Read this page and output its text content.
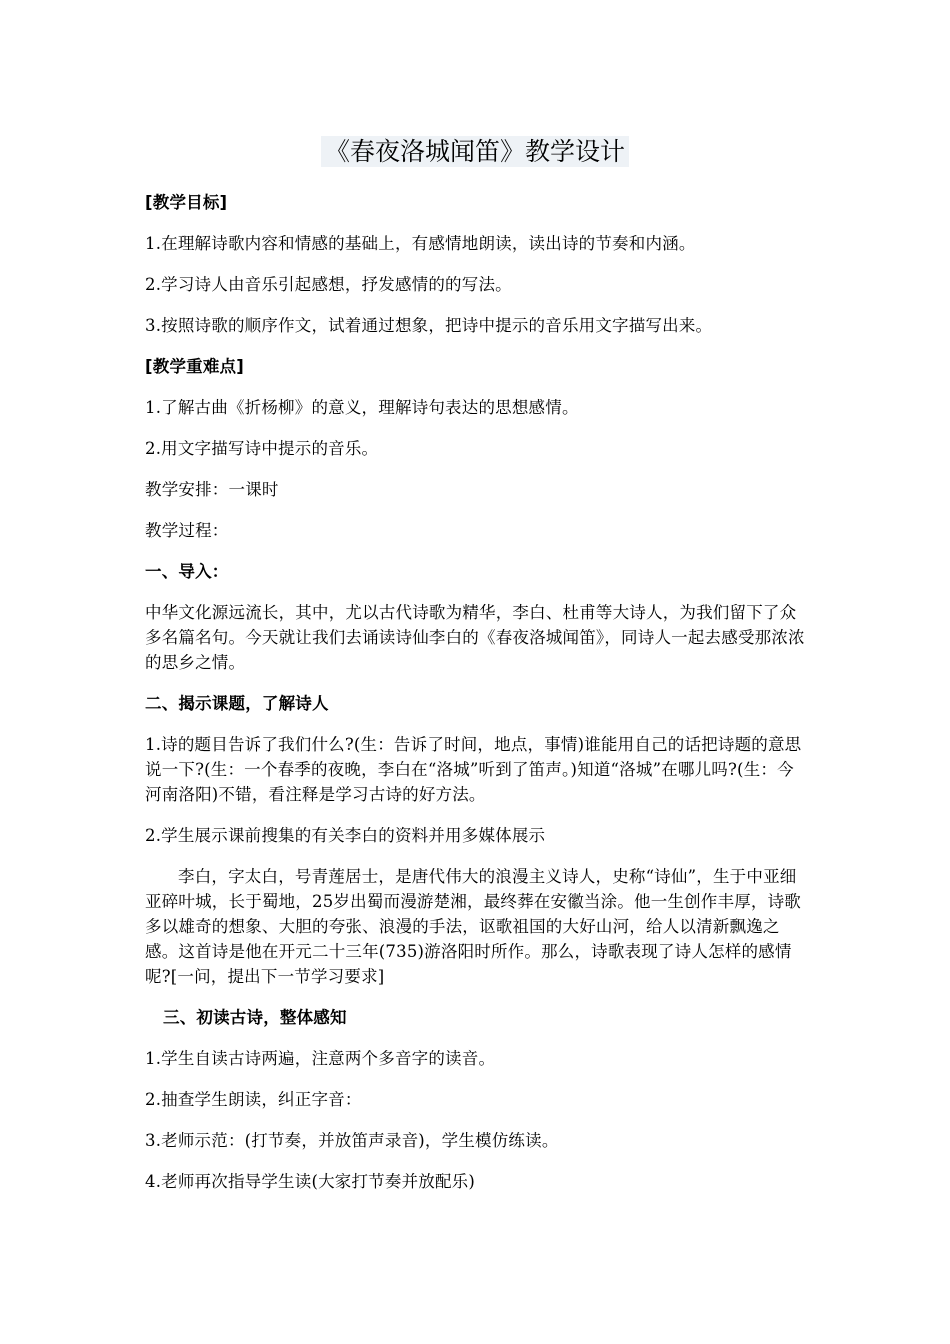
《春夜洛城闻笛》教学设计

[教学目标]

1.在理解诗歌内容和情感的基础上，有感情地朗读，读出诗的节奏和内涵。

2.学习诗人由音乐引起感想，抒发感情的的写法。

3.按照诗歌的顺序作文，试着通过想象，把诗中提示的音乐用文字描写出来。

[教学重难点]

1.了解古曲《折杨柳》的意义，理解诗句表达的思想感情。

2.用文字描写诗中提示的音乐。

教学安排：一课时

教学过程：

一、导入：

中华文化源远流长，其中，尤以古代诗歌为精华，李白、杜甫等大诗人，为我们留下了众多名篇名句。今天就让我们去诵读诗仙李白的《春夜洛城闻笛》，同诗人一起去感受那浓浓的思乡之情。

二、揭示课题，了解诗人

1.诗的题目告诉了我们什么?(生：告诉了时间，地点，事情)谁能用自己的话把诗题的意思说一下?(生：一个春季的夜晚，李白在“洛城”听到了笛声。)知道“洛城”在哪儿吗?(生：今河南洛阳)不错，看注释是学习古诗的好方法。

2.学生展示课前搜集的有关李白的资料并用多媒体展示

李白，字太白，号青莲居士，是唐代伟大的浪漫主义诗人，史称“诗仙”，生于中亚细亚碎叶城，长于蜀地，25岁出蜀而漫游楚湘，最终葬在安徽当涂。他一生创作丰厚，诗歌多以雄奇的想象、大胆的夸张、浪漫的手法，讴歌祖国的大好山河，给人以清新飘逸之感。这首诗是他在开元二十三年(735)游洛阳时所作。那么，诗歌表现了诗人怎样的感情呢?[一问，提出下一节学习要求]

三、初读古诗，整体感知

1.学生自读古诗两遍，注意两个多音字的读音。

2.抽查学生朗读，纠正字音：

3.老师示范：(打节奏，并放笛声录音)，学生模仿练读。

4.老师再次指导学生读(大家打节奏并放配乐)
